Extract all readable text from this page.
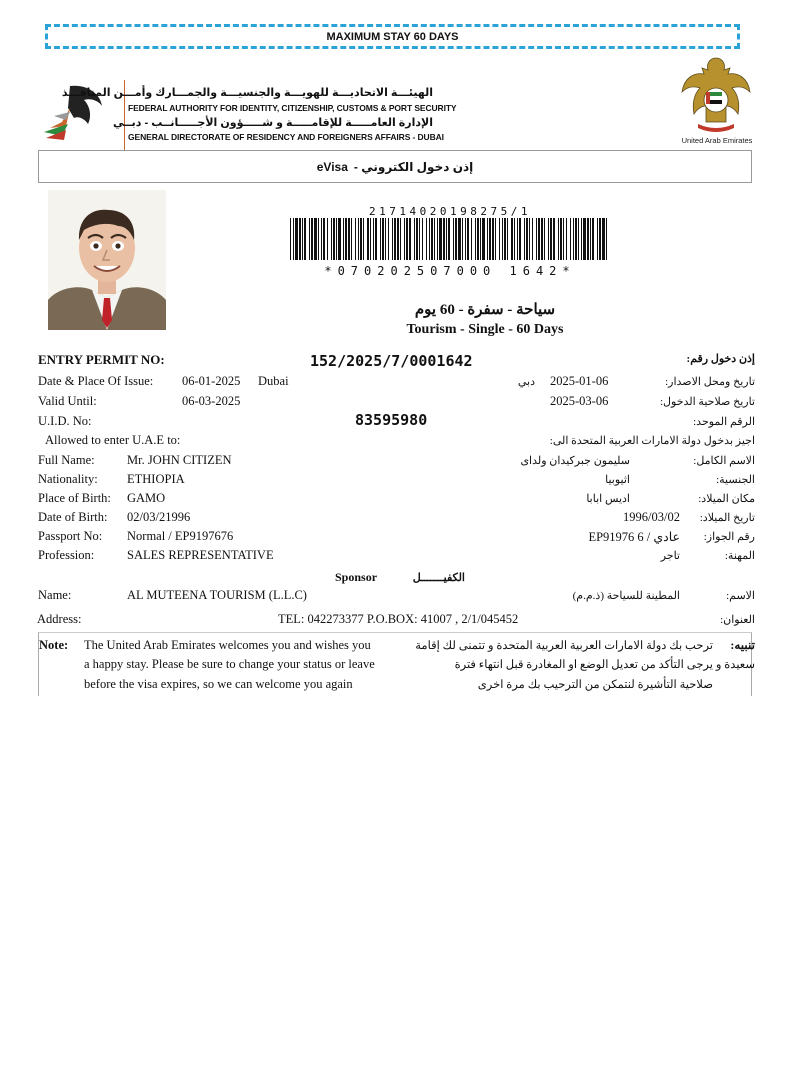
MAXIMUM STAY 60 DAYS
الهيئـــة الاتحاديـــة للهويـــة والجنسيـــة والجمـــارك وأمـــن المنافـــذ
FEDERAL AUTHORITY FOR IDENTITY, CITIZENSHIP, CUSTOMS & PORT SECURITY
الإدارة العامـــــة للإقامـــــة و شـــــؤون الأجـــــانــب - دبــي
GENERAL DIRECTORATE OF RESIDENCY AND FOREIGNERS AFFAIRS - DUBAI	United Arab Emirates
eVisa إذن دخول الكتروني -
21714020198275/1
*070202507000 1642*
سياحة - سفرة - 60 يوم
Tourism - Single - 60 Days
ENTRY PERMIT NO:	152/2025/7/0001642	إذن دخول رقم:
Date & Place Of Issue: 06-01-2025 Dubai	دبي 2025-01-06	تاريخ ومحل الاصدار:
Valid Until:	06-03-2025	2025-03-06	تاريخ صلاحية الدخول:
U.I.D. No:	83595980	الرقم الموحد:
Allowed to enter U.A.E to:	اجيز بدخول دولة الامارات العربية المتحدة الى:
Full Name:	Mr. JOHN CITIZEN	سليمون جبركيدان ولداى	الاسم الكامل:
Nationality: ETHIOPIA	اثيوبيا	الجنسية:
Place of Birth: GAMO	اديس ابابا	مكان الميلاد:
Date of Birth: 02/03/21996	1996/03/02 تاريخ الميلاد:
Passport No: Normal / EP9197676	عادي / 6 EP91976 رقم الجواز:
Profession:	SALES REPRESENTATIVE	تاجر	المهنة:
Sponsor	الكفيـــــــل
Name:	AL MUTEENA TOURISM (L.L.C)	المطينة للسياحة (ذ.م.م)	الاسم:
Address:	TEL: 042273377 P.O.BOX: 41007 , 2/1/045452	العنوان:
Note: The United Arab Emirates welcomes you and wishes you
a happy stay. Please be sure to change your status or leave
before the visa expires, so we can welcome you again
تنبيه:
ترحب بك دولة الامارات العربية العربية المتحدة و تتمنى لك إقامة
سعيدة و يرجى التأكد من تعديل الوضع او المغادرة قبل انتهاء فترة
صلاحية التأشيرة لنتمكن من الترحيب بك مرة اخرى
